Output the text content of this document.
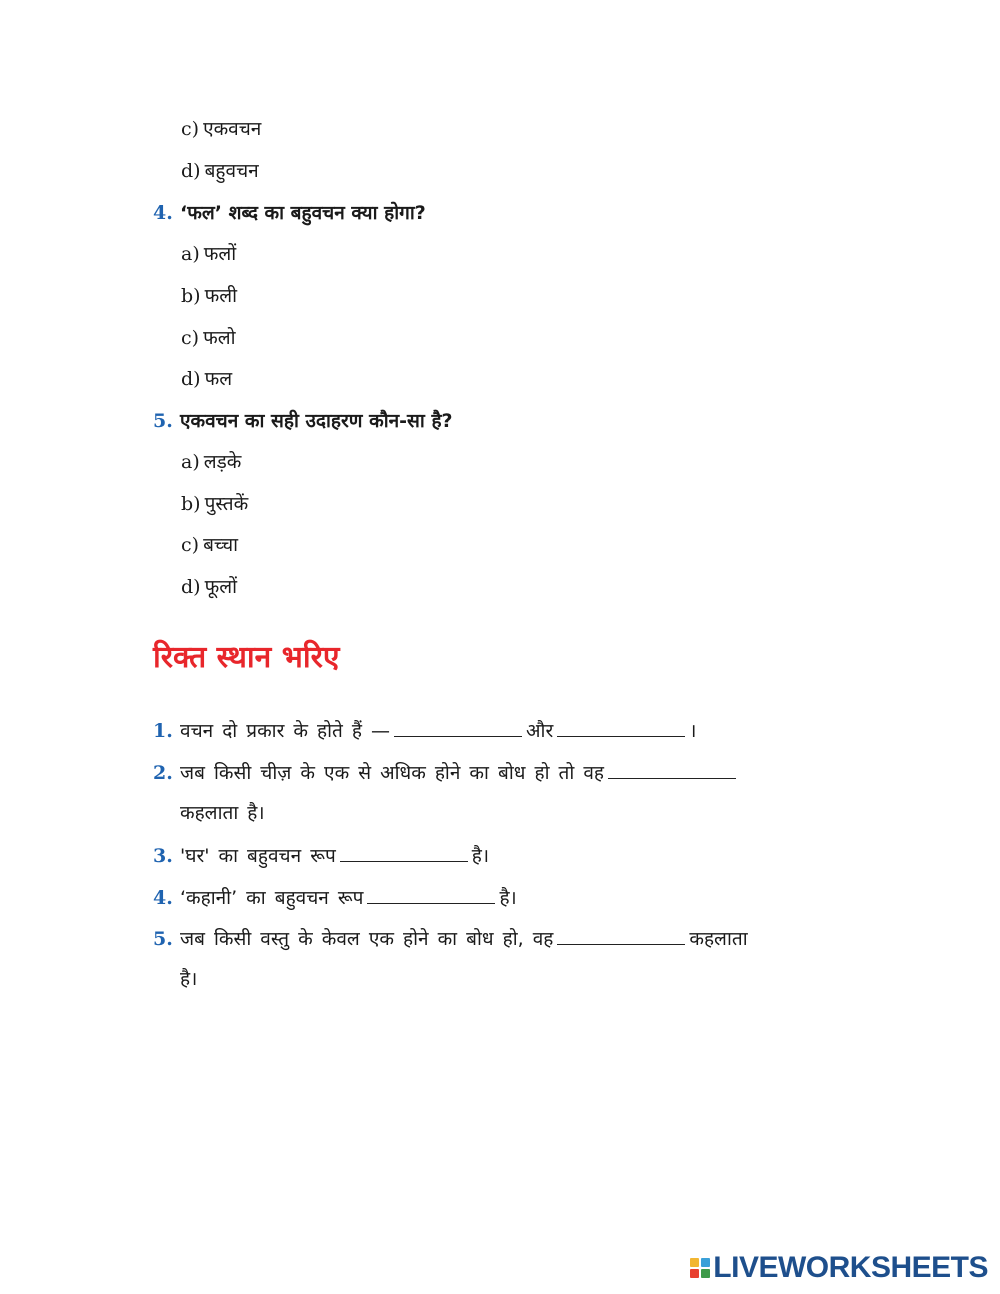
c) एकवचन
d) बहुवचन
4. ‘फल’ शब्द का बहुवचन क्या होगा?
a) फलों
b) फली
c) फलो
d) फल
5. एकवचन का सही उदाहरण कौन-सा है?
a) लड़के
b) पुस्तकें
c) बच्चा
d) फूलों
रिक्त स्थान भरिए
1. वचन दो प्रकार के होते हैं —	और	।
2. जब किसी चीज़ के एक से अधिक होने का बोध हो तो वह
कहलाता है।
3. 'घर' का बहुवचन रूप	है।
4. ‘कहानी’ का बहुवचन रूप	है।
5. जब किसी वस्तु के केवल एक होने का बोध हो, वह	कहलाता
है।
LIVEWORKSHEETS
